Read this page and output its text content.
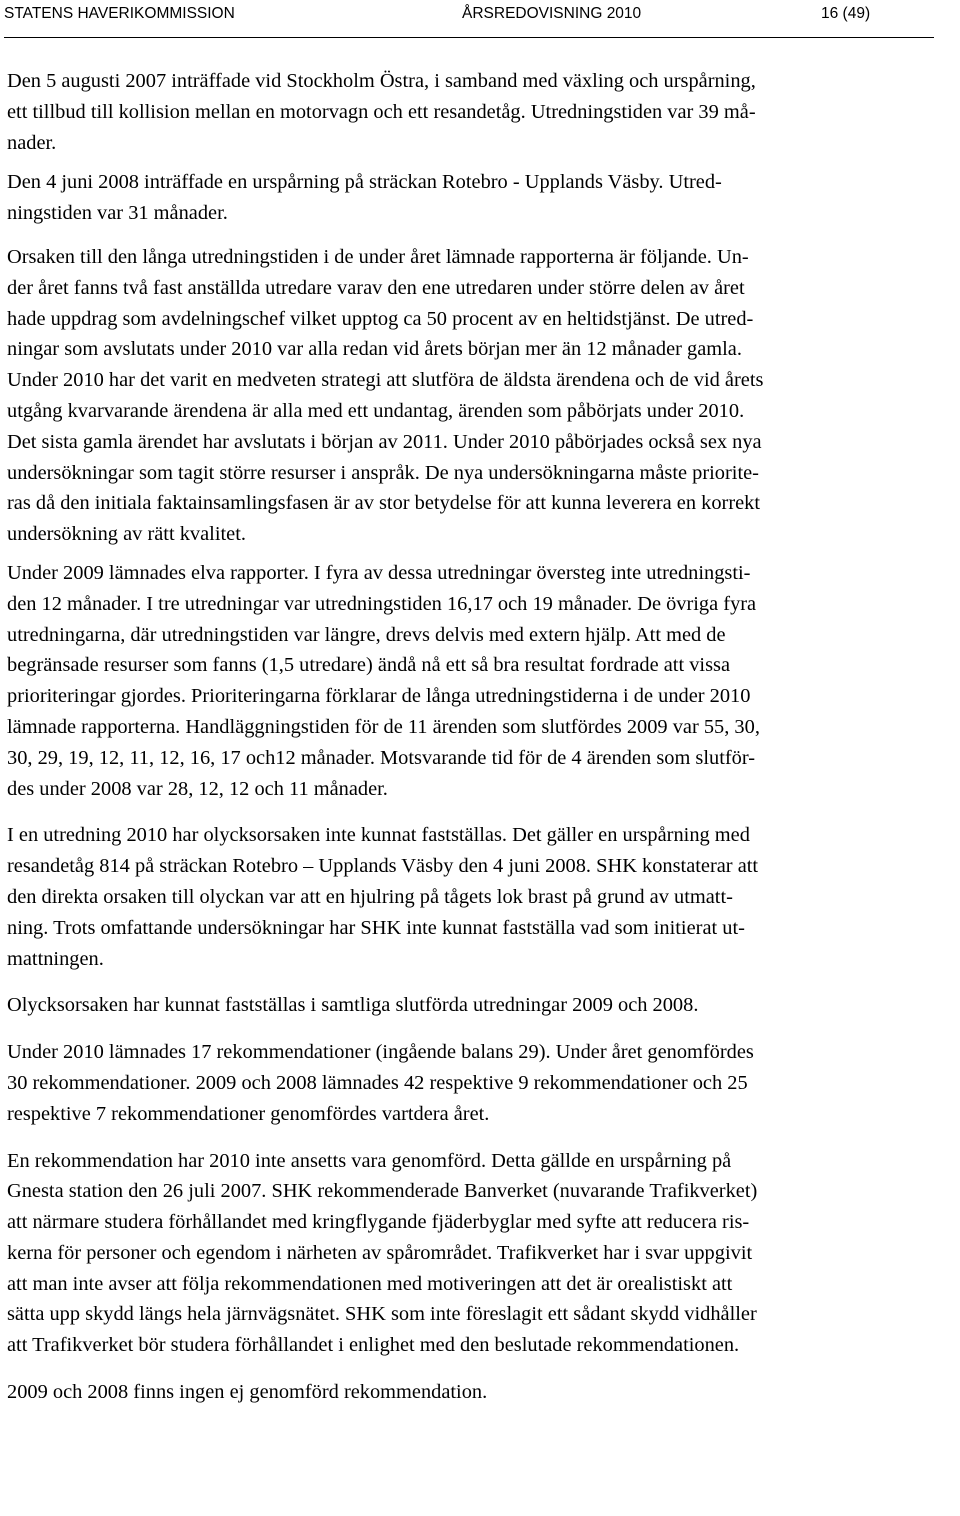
STATENS HAVERIKOMMISSION	ÅRSREDOVISNING 2010	16 (49)

Den 5 augusti 2007 inträffade vid Stockholm Östra, i samband med växling och urspårning,
ett tillbud till kollision mellan en motorvagn och ett resandetåg. Utredningstiden var 39 må-
nader.

Den 4 juni 2008 inträffade en urspårning på sträckan Rotebro - Upplands Väsby. Utred-
ningstiden var 31 månader.

Orsaken till den långa utredningstiden i de under året lämnade rapporterna är följande. Un-
der året fanns två fast anställda utredare varav den ene utredaren under större delen av året
hade uppdrag som avdelningschef vilket upptog ca 50 procent av en heltidstjänst. De utred-
ningar som avslutats under 2010 var alla redan vid årets början mer än 12 månader gamla.
Under 2010 har det varit en medveten strategi att slutföra de äldsta ärendena och de vid årets
utgång kvarvarande ärendena är alla med ett undantag, ärenden som påbörjats under 2010.
Det sista gamla ärendet har avslutats i början av 2011. Under 2010 påbörjades också sex nya
undersökningar som tagit större resurser i anspråk. De nya undersökningarna måste prioritе-
ras då den initiala faktainsamlingsfasen är av stor betydelse för att kunna leverera en korrekt
undersökning av rätt kvalitet.

Under 2009 lämnades elva rapporter. I fyra av dessa utredningar översteg inte utredningsti-
den 12 månader. I tre utredningar var utredningstiden 16,17 och 19 månader. De övriga fyra
utredningarna, där utredningstiden var längre, drevs delvis med extern hjälp. Att med de
begränsade resurser som fanns (1,5 utredare) ändå nå ett så bra resultat fordrade att vissa
prioriteringar gjordes. Prioriteringarna förklarar de långa utredningstiderna i de under 2010
lämnade rapporterna. Handläggningstiden för de 11 ärenden som slutfördes 2009 var 55, 30,
30, 29, 19, 12, 11, 12, 16, 17 och12 månader. Motsvarande tid för de 4 ärenden som slutför-
des under 2008 var 28, 12, 12 och 11 månader.

I en utredning 2010 har olycksorsaken inte kunnat fastställas. Det gäller en urspårning med
resandetåg 814 på sträckan Rotebro – Upplands Väsby den 4 juni 2008. SHK konstaterar att
den direkta orsaken till olyckan var att en hjulring på tågets lok brast på grund av utmatt-
ning. Trots omfattande undersökningar har SHK inte kunnat fastställa vad som initierat ut-
mattningen.

Olycksorsaken har kunnat fastställas i samtliga slutförda utredningar 2009 och 2008.

Under 2010 lämnades 17 rekommendationer (ingående balans 29). Under året genomfördes
30 rekommendationer. 2009 och 2008 lämnades 42 respektive 9 rekommendationer och 25
respektive 7 rekommendationer genomfördes vartdera året.

En rekommendation har 2010 inte ansetts vara genomförd. Detta gällde en urspårning på
Gnesta station den 26 juli 2007. SHK rekommenderade Banverket (nuvarande Trafikverket)
att närmare studera förhållandet med kringflygande fjäderbyglar med syfte att reducera ris-
kerna för personer och egendom i närheten av spårområdet. Trafikverket har i svar uppgivit
att man inte avser att följa rekommendationen med motiveringen att det är orealistiskt att
sätta upp skydd längs hela järnvägsnätet. SHK som inte föreslagit ett sådant skydd vidhåller
att Trafikverket bör studera förhållandet i enlighet med den beslutade rekommendationen.

2009 och 2008 finns ingen ej genomförd rekommendation.
